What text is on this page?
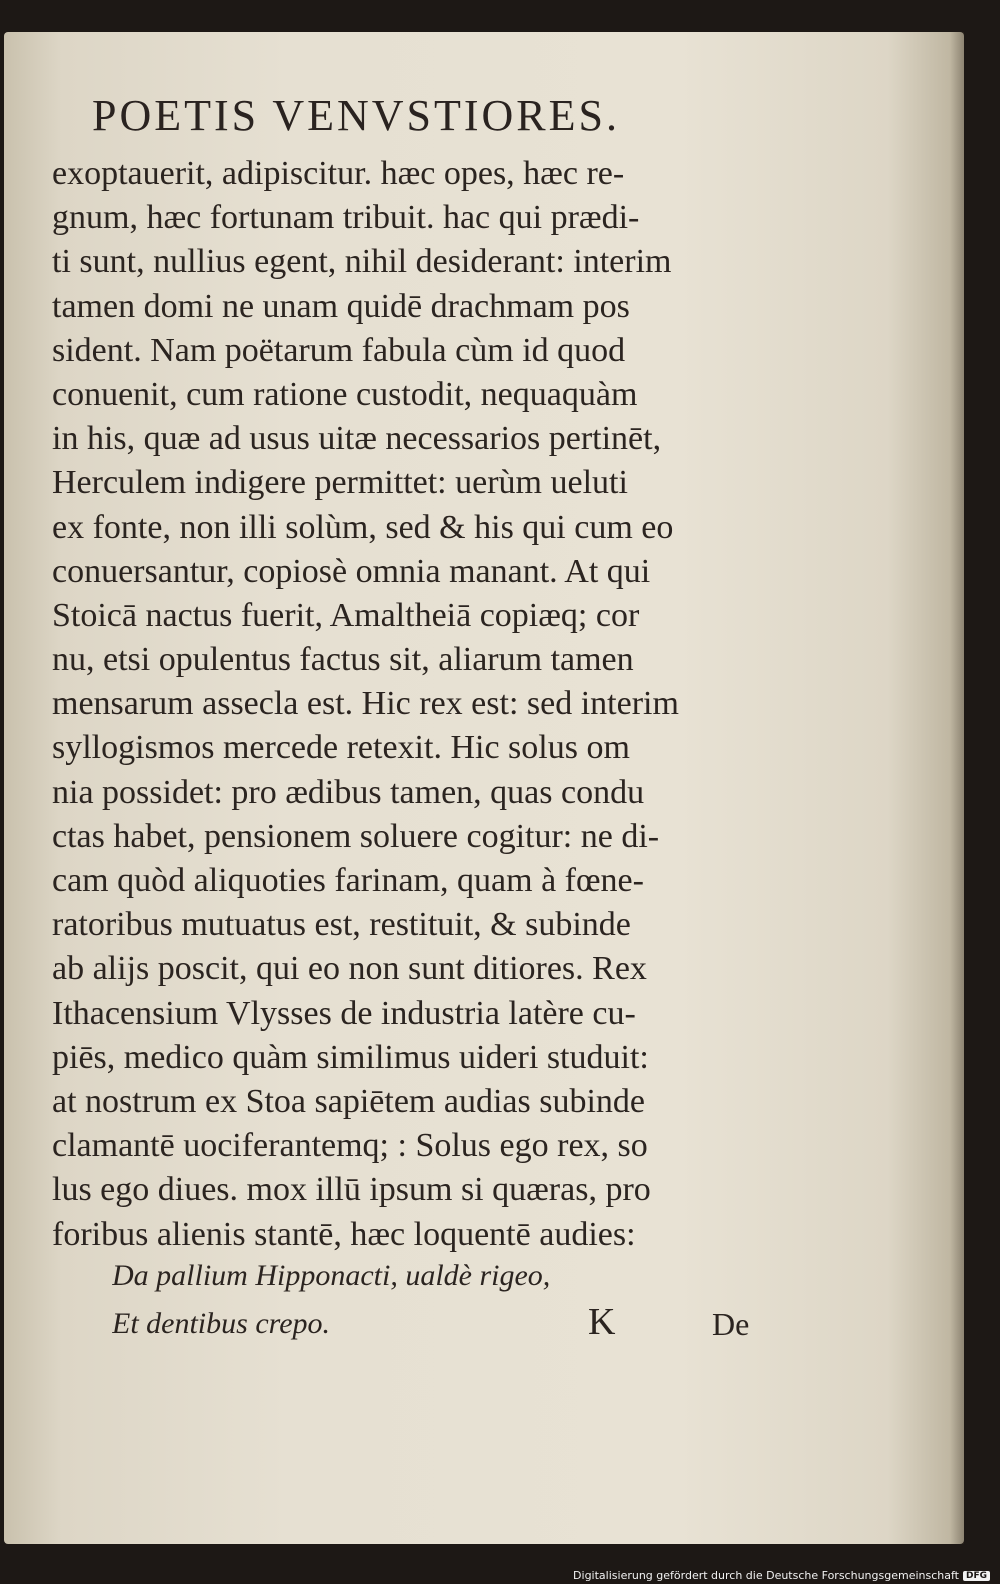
POETIS VENVSTIORES.
exoptauerit, adipiscitur. hæc opes, hæc re-
gnum, hæc fortunam tribuit. hac qui prædi-
ti sunt, nullius egent, nihil desiderant: interim
tamen domi ne unam quidē drachmam pos
sident. Nam poëtarum fabula cùm id quod
conuenit, cum ratione custodit, nequaquàm
in his, quæ ad usus uitæ necessarios pertinēt,
Herculem indigere permittet: uerùm ueluti
ex fonte, non illi solùm, sed & his qui cum eo
conuersantur, copiosè omnia manant. At qui
Stoicā nactus fuerit, Amaltheiā copiæq; cor
nu, etsi opulentus factus sit, aliarum tamen
mensarum assecla est. Hic rex est: sed interim
syllogismos mercede retexit. Hic solus om
nia possidet: pro ædibus tamen, quas condu
ctas habet, pensionem soluere cogitur: ne di-
cam quòd aliquoties farinam, quam à fœne-
ratoribus mutuatus est, restituit, & subinde
ab alijs poscit, qui eo non sunt ditiores. Rex
Ithacensium Vlysses de industria latère cu-
piēs, medico quàm similimus uideri studuit:
at nostrum ex Stoa sapiētem audias subinde
clamantē uociferantemq; : Solus ego rex, so
lus ego diues. mox illū ipsum si quæras, pro
foribus alienis stantē, hæc loquentē audies:
Da pallium Hipponacti, ualdè rigeo,
Et dentibus crepo.	K	De
Digitalisierung gefördert durch die Deutsche Forschungsgemeinschaft DFG
